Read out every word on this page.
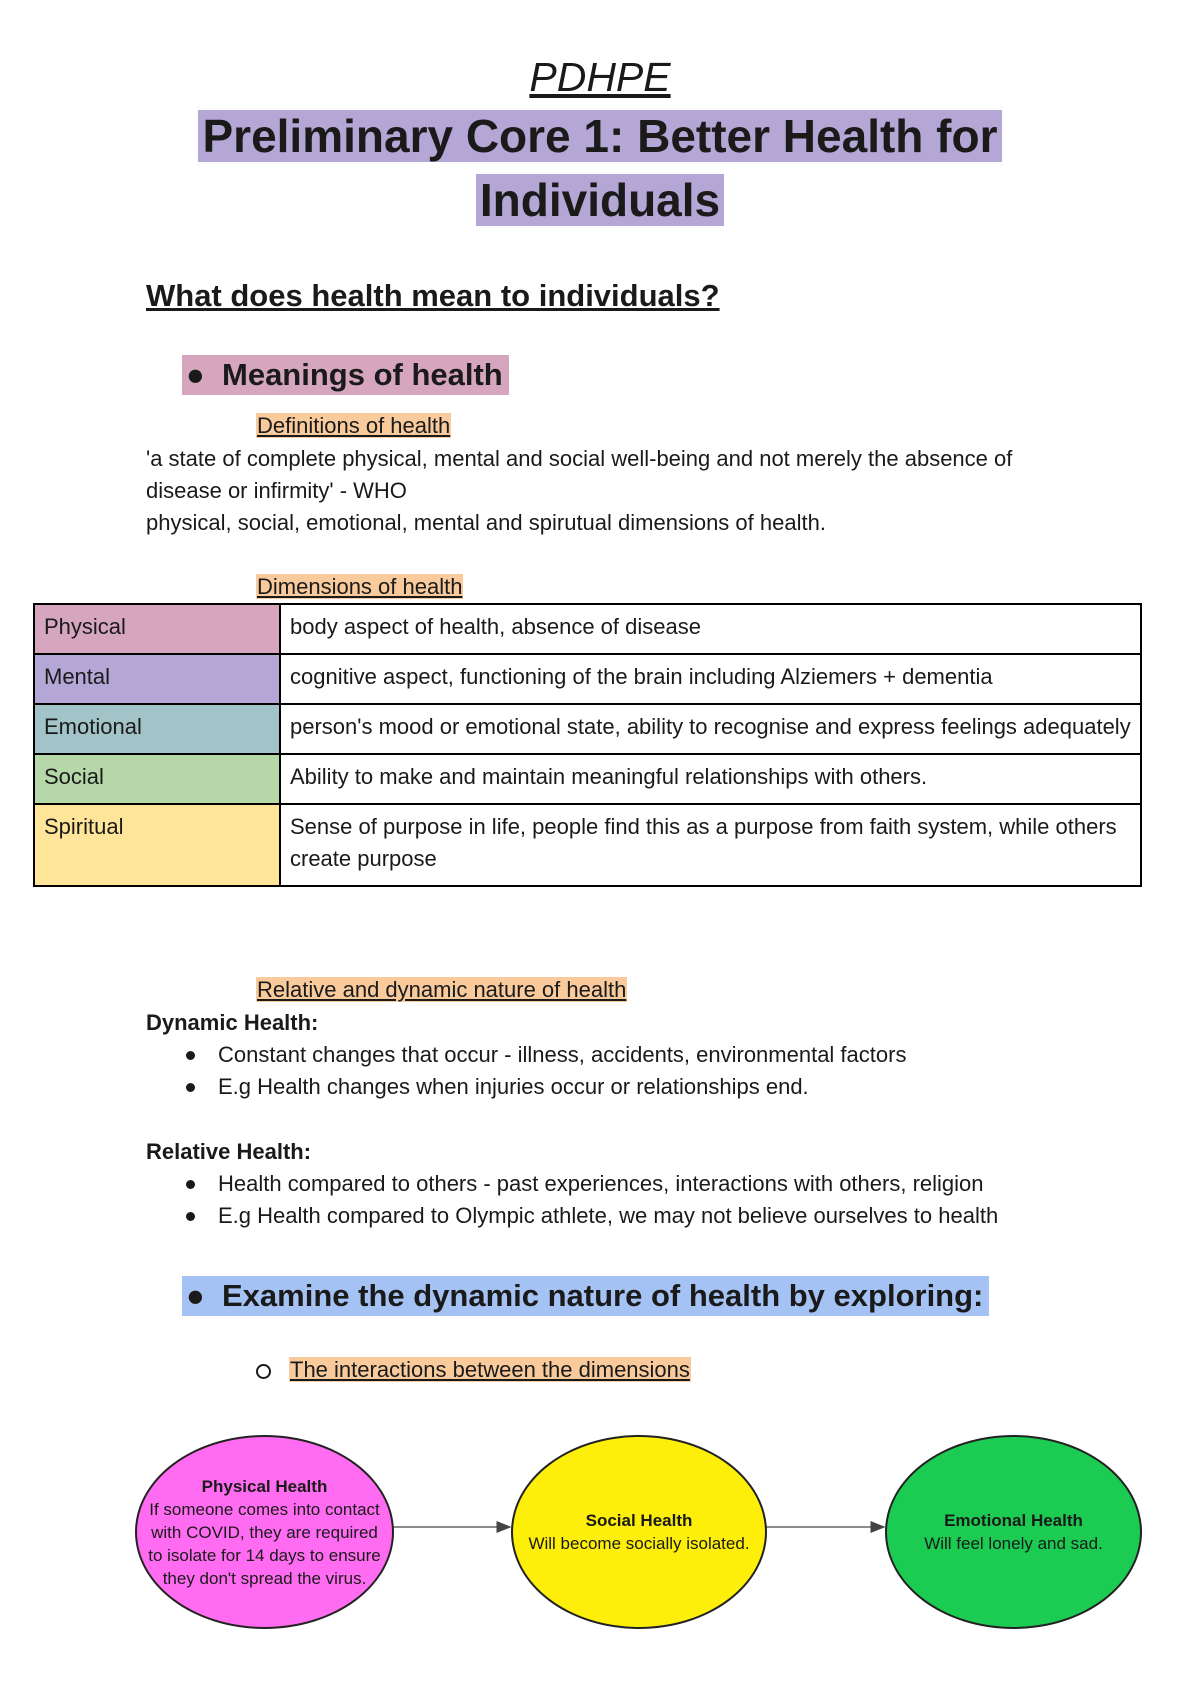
PDHPE
Preliminary Core 1: Better Health for
Individuals
What does health mean to individuals?
● Meanings of health
Definitions of health
'a state of complete physical, mental and social well-being and not merely the absence of
disease or infirmity' - WHO
physical, social, emotional, mental and spirutual dimensions of health.
Dimensions of health
Physical	body aspect of health, absence of disease
Mental	cognitive aspect, functioning of the brain including Alziemers + dementia
Emotional	person's mood or emotional state, ability to recognise and express feelings adequately
Social	Ability to make and maintain meaningful relationships with others.
Spiritual	Sense of purpose in life, people find this as a purpose from faith system, while others create purpose
Relative and dynamic nature of health
Dynamic Health:
Constant changes that occur - illness, accidents, environmental factors
E.g Health changes when injuries occur or relationships end.
Relative Health:
Health compared to others - past experiences, interactions with others, religion
E.g Health compared to Olympic athlete, we may not believe ourselves to health
● Examine the dynamic nature of health by exploring:
The interactions between the dimensions
Physical Health
If someone comes into contact with COVID, they are required to isolate for 14 days to ensure they don't spread the virus.
Social Health
Will become socially isolated.
Emotional Health
Will feel lonely and sad.
